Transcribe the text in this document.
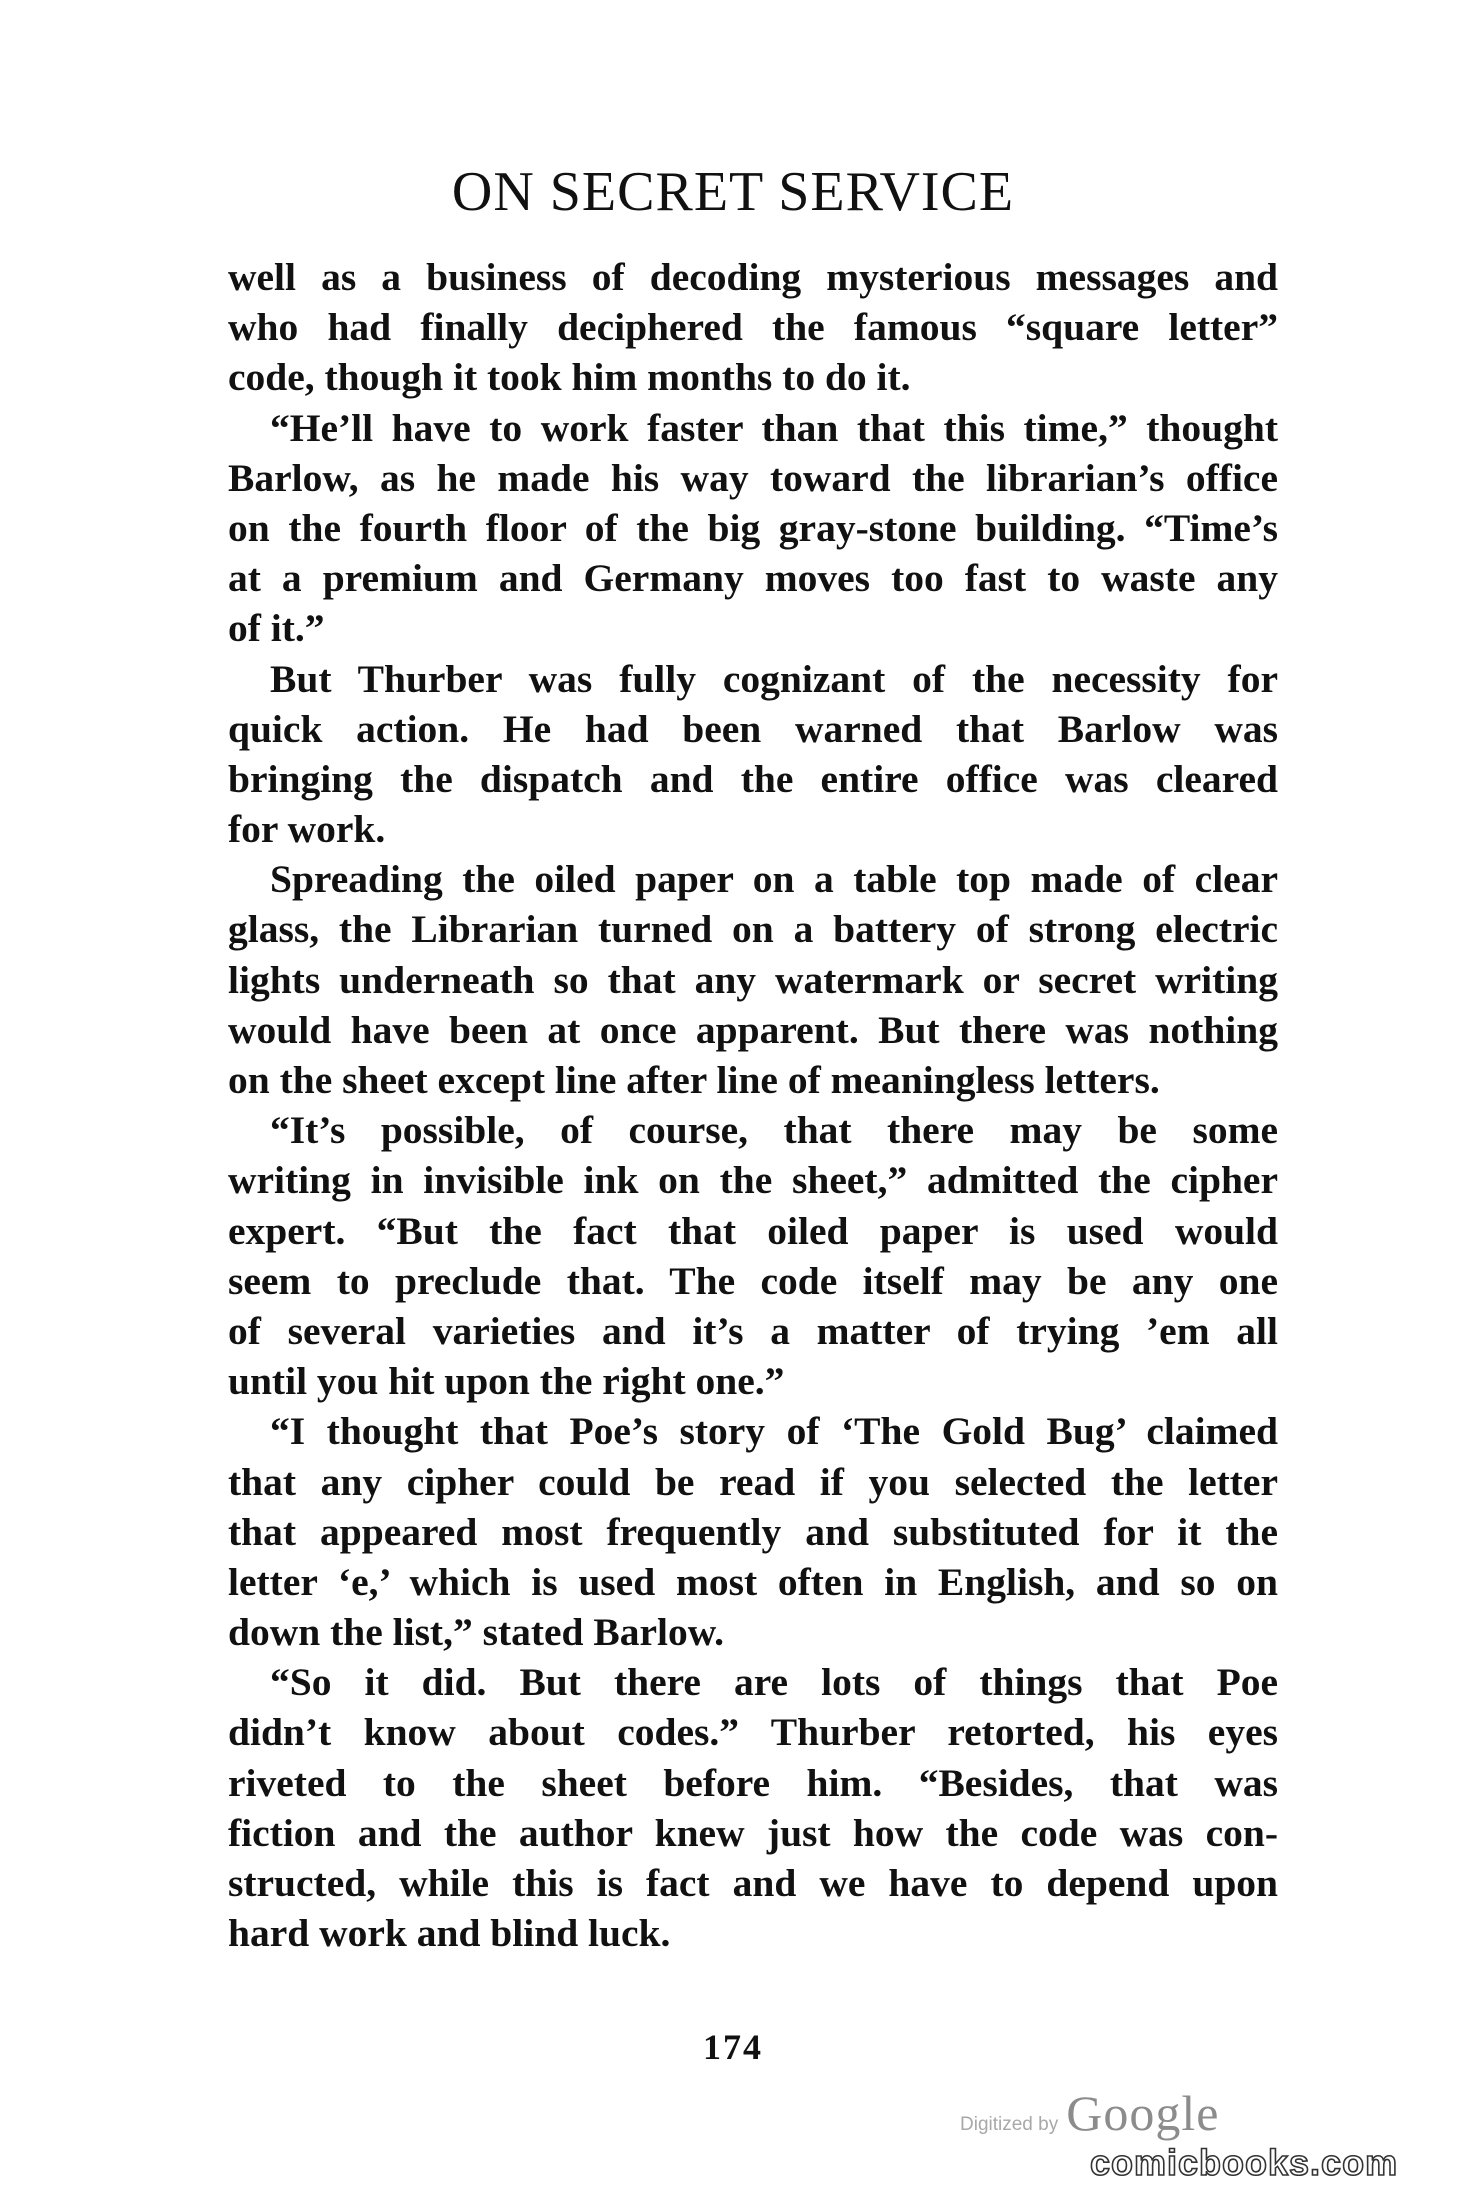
ON SECRET SERVICE
well as a business of decoding mysterious messages and
who had finally deciphered the famous “square letter”
code, though it took him months to do it.
“He’ll have to work faster than that this time,” thought
Barlow, as he made his way toward the librarian’s office
on the fourth floor of the big gray-stone building. “Time’s
at a premium and Germany moves too fast to waste any
of it.”
But Thurber was fully cognizant of the necessity for
quick action. He had been warned that Barlow was
bringing the dispatch and the entire office was cleared
for work.
Spreading the oiled paper on a table top made of clear
glass, the Librarian turned on a battery of strong electric
lights underneath so that any watermark or secret writing
would have been at once apparent. But there was nothing
on the sheet except line after line of meaningless letters.
“It’s possible, of course, that there may be some
writing in invisible ink on the sheet,” admitted the cipher
expert. “But the fact that oiled paper is used would
seem to preclude that. The code itself may be any one
of several varieties and it’s a matter of trying ’em all
until you hit upon the right one.”
“I thought that Poe’s story of ‘The Gold Bug’ claimed
that any cipher could be read if you selected the letter
that appeared most frequently and substituted for it the
letter ‘e,’ which is used most often in English, and so on
down the list,” stated Barlow.
“So it did. But there are lots of things that Poe
didn’t know about codes.” Thurber retorted, his eyes
riveted to the sheet before him. “Besides, that was
fiction and the author knew just how the code was con-
structed, while this is fact and we have to depend upon
hard work and blind luck.
174
Digitized by Google
comicbooks.com
